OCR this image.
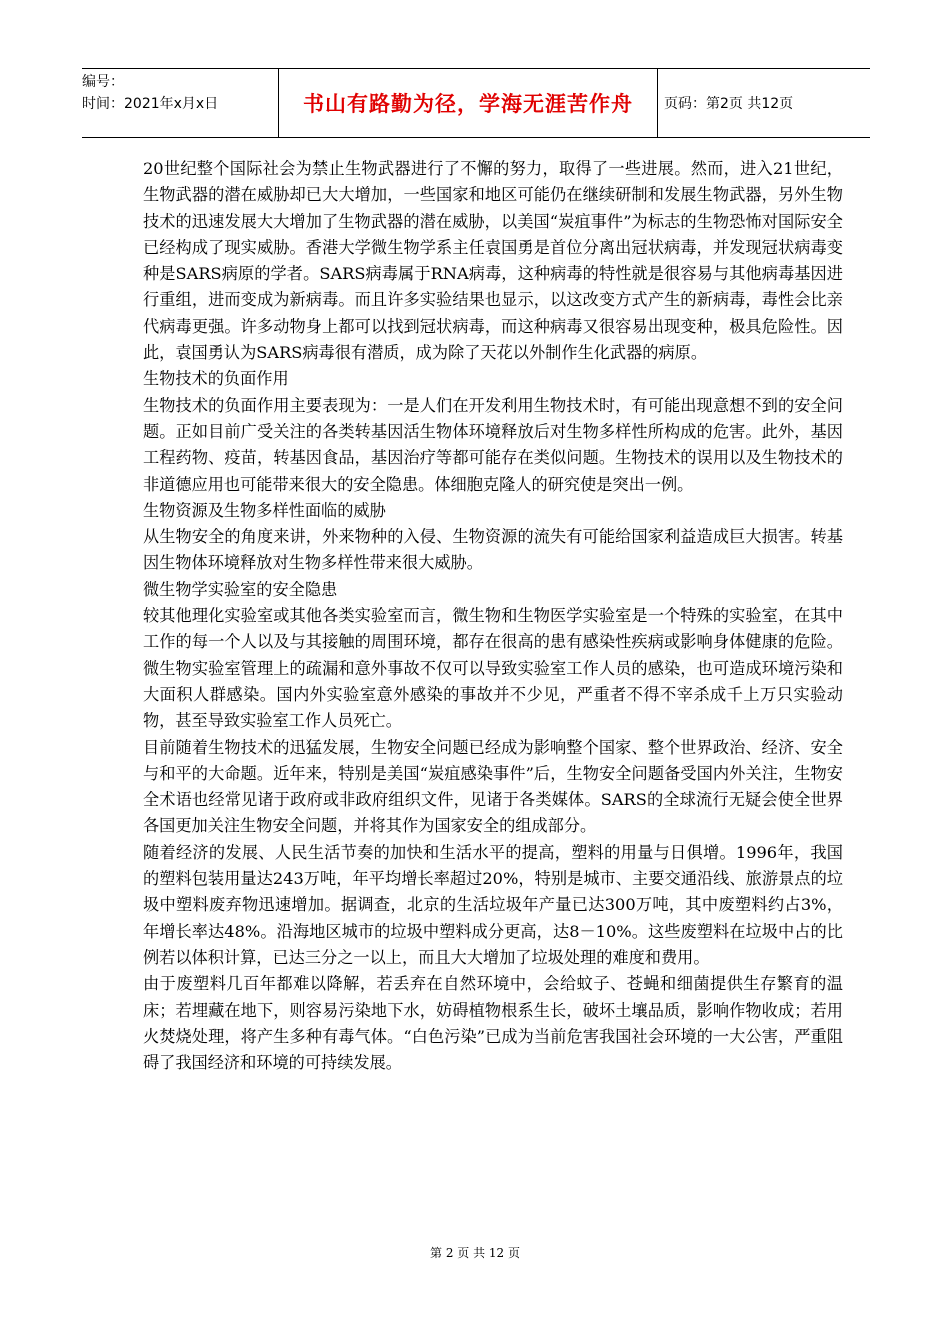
编号：
时间：2021年x月x日	书山有路勤为径，学海无涯苦作舟	页码：第2页 共12页

20世纪整个国际社会为禁止生物武器进行了不懈的努力，取得了一些进展。然而，进入21世纪，生物武器的潜在威胁却已大大增加，一些国家和地区可能仍在继续研制和发展生物武器，另外生物技术的迅速发展大大增加了生物武器的潜在威胁，以美国“炭疽事件”为标志的生物恐怖对国际安全已经构成了现实威胁。香港大学微生物学系主任袁国勇是首位分离出冠状病毒，并发现冠状病毒变种是SARS病原的学者。SARS病毒属于RNA病毒，这种病毒的特性就是很容易与其他病毒基因进行重组，进而变成为新病毒。而且许多实验结果也显示，以这改变方式产生的新病毒，毒性会比亲代病毒更强。许多动物身上都可以找到冠状病毒，而这种病毒又很容易出现变种，极具危险性。因此，袁国勇认为SARS病毒很有潜质，成为除了天花以外制作生化武器的病原。

生物技术的负面作用

生物技术的负面作用主要表现为：一是人们在开发利用生物技术时，有可能出现意想不到的安全问题。正如目前广受关注的各类转基因活生物体环境释放后对生物多样性所构成的危害。此外，基因工程药物、疫苗，转基因食品，基因治疗等都可能存在类似问题。生物技术的误用以及生物技术的非道德应用也可能带来很大的安全隐患。体细胞克隆人的研究使是突出一例。

生物资源及生物多样性面临的威胁

从生物安全的角度来讲，外来物种的入侵、生物资源的流失有可能给国家利益造成巨大损害。转基因生物体环境释放对生物多样性带来很大威胁。

微生物学实验室的安全隐患

较其他理化实验室或其他各类实验室而言，微生物和生物医学实验室是一个特殊的实验室，在其中工作的每一个人以及与其接触的周围环境，都存在很高的患有感染性疾病或影响身体健康的危险。微生物实验室管理上的疏漏和意外事故不仅可以导致实验室工作人员的感染，也可造成环境污染和大面积人群感染。国内外实验室意外感染的事故并不少见，严重者不得不宰杀成千上万只实验动物，甚至导致实验室工作人员死亡。

目前随着生物技术的迅猛发展，生物安全问题已经成为影响整个国家、整个世界政治、经济、安全与和平的大命题。近年来，特别是美国“炭疽感染事件”后，生物安全问题备受国内外关注，生物安全术语也经常见诸于政府或非政府组织文件，见诸于各类媒体。SARS的全球流行无疑会使全世界各国更加关注生物安全问题，并将其作为国家安全的组成部分。

随着经济的发展、人民生活节奏的加快和生活水平的提高，塑料的用量与日俱增。1996年，我国的塑料包装用量达243万吨，年平均增长率超过20%，特别是城市、主要交通沿线、旅游景点的垃圾中塑料废弃物迅速增加。据调查，北京的生活垃圾年产量已达300万吨，其中废塑料约占3%，年增长率达48%。沿海地区城市的垃圾中塑料成分更高，达8－10%。这些废塑料在垃圾中占的比例若以体积计算，已达三分之一以上，而且大大增加了垃圾处理的难度和费用。

由于废塑料几百年都难以降解，若丢弃在自然环境中，会给蚊子、苍蝇和细菌提供生存繁育的温床；若埋藏在地下，则容易污染地下水，妨碍植物根系生长，破坏土壤品质，影响作物收成；若用火焚烧处理，将产生多种有毒气体。“白色污染”已成为当前危害我国社会环境的一大公害，严重阻碍了我国经济和环境的可持续发展。

第 2 页 共 12 页
